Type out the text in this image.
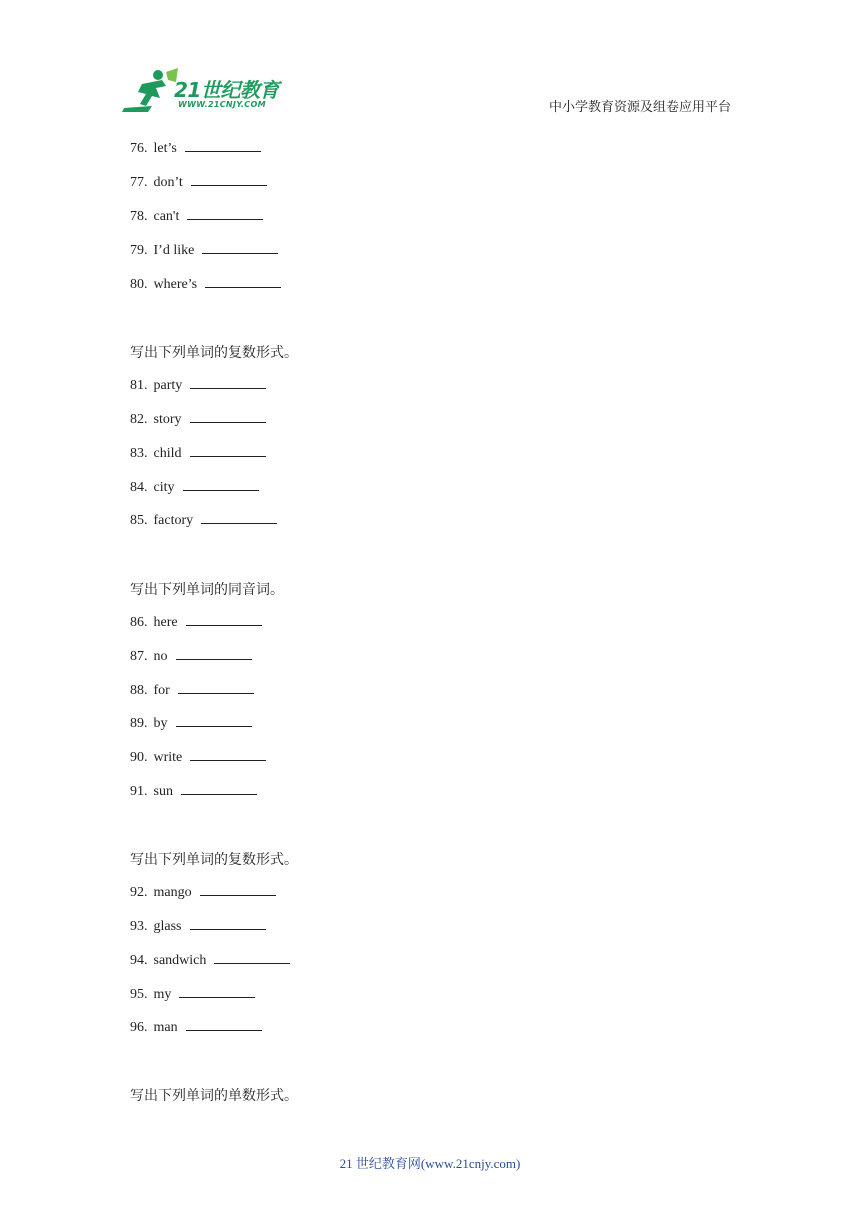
21世纪教育
WWW.21CNJY.COM	中小学教育资源及组卷应用平台
76. let’s
77. don’t
78. can't
79. I’d like
80. where’s
写出下列单词的复数形式。
81. party
82. story
83. child
84. city
85. factory
写出下列单词的同音词。
86. here
87. no
88. for
89. by
90. write
91. sun
写出下列单词的复数形式。
92. mango
93. glass
94. sandwich
95. my
96. man
写出下列单词的单数形式。
21 世纪教育网(www.21cnjy.com)
